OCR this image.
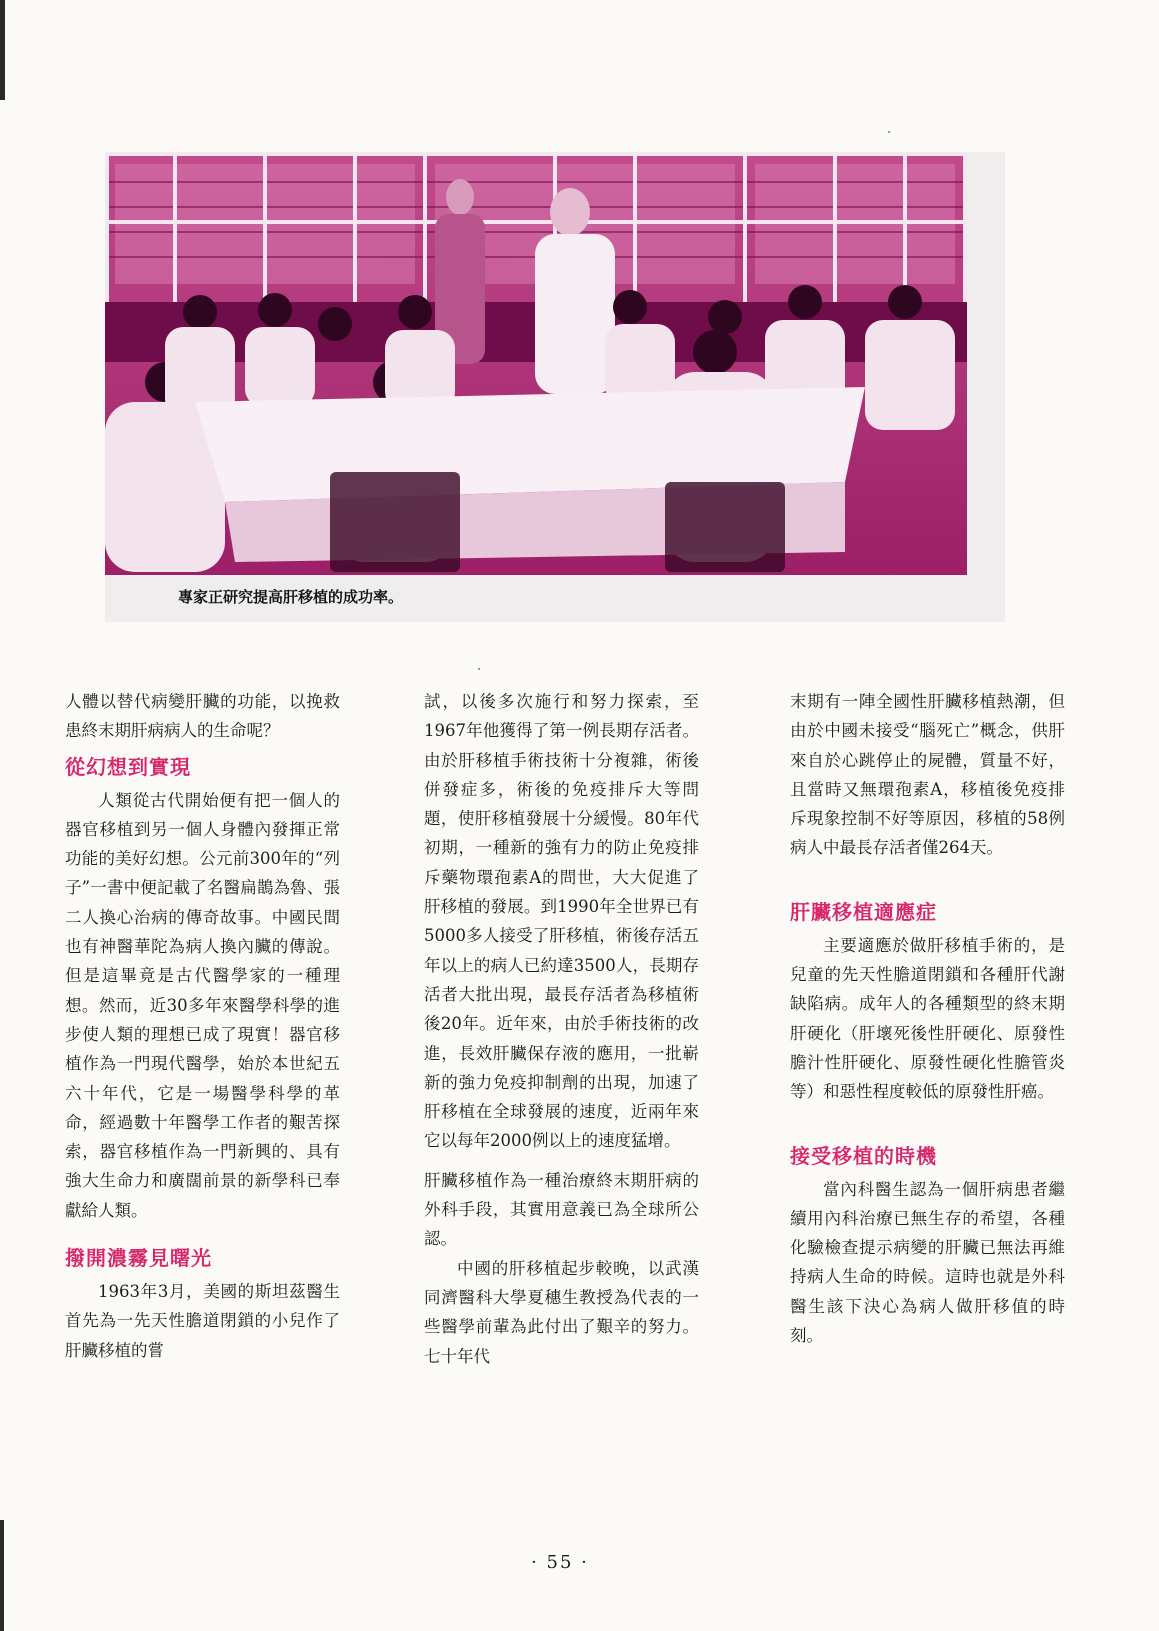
專家正研究提高肝移植的成功率。

人體以替代病變肝臟的功能，以挽救患終末期肝病病人的生命呢？

從幻想到實現

人類從古代開始便有把一個人的器官移植到另一個人身體內發揮正常功能的美好幻想。公元前300年的“列子”一書中便記載了名醫扁鵲為魯、張二人換心治病的傳奇故事。中國民間也有神醫華陀為病人換內臟的傳說。但是這畢竟是古代醫學家的一種理想。然而，近30多年來醫學科學的進步使人類的理想已成了現實！器官移植作為一門現代醫學，始於本世紀五六十年代，它是一場醫學科學的革命，經過數十年醫學工作者的艱苦探索，器官移植作為一門新興的、具有強大生命力和廣闊前景的新學科已奉獻給人類。

撥開濃霧見曙光

1963年3月，美國的斯坦茲醫生首先為一先天性膽道閉鎖的小兒作了肝臟移植的嘗

試，以後多次施行和努力探索，至1967年他獲得了第一例長期存活者。由於肝移植手術技術十分複雜，術後併發症多，術後的免疫排斥大等問題，使肝移植發展十分緩慢。80年代初期，一種新的強有力的防止免疫排斥藥物環孢素A的問世，大大促進了肝移植的發展。到1990年全世界已有5000多人接受了肝移植，術後存活五年以上的病人已約達3500人，長期存活者大批出現，最長存活者為移植術後20年。近年來，由於手術技術的改進，長效肝臟保存液的應用，一批嶄新的強力免疫抑制劑的出現，加速了肝移植在全球發展的速度，近兩年來它以每年2000例以上的速度猛增。

肝臟移植作為一種治療終末期肝病的外科手段，其實用意義已為全球所公認。

中國的肝移植起步較晚，以武漢同濟醫科大學夏穗生教授為代表的一些醫學前輩為此付出了艱辛的努力。七十年代

末期有一陣全國性肝臟移植熱潮，但由於中國未接受“腦死亡”概念，供肝來自於心跳停止的屍體，質量不好，且當時又無環孢素A，移植後免疫排斥現象控制不好等原因，移植的58例病人中最長存活者僅264天。

肝臟移植適應症

主要適應於做肝移植手術的，是兒童的先天性膽道閉鎖和各種肝代謝缺陷病。成年人的各種類型的終末期肝硬化（肝壞死後性肝硬化、原發性膽汁性肝硬化、原發性硬化性膽管炎等）和惡性程度較低的原發性肝癌。

接受移植的時機

當內科醫生認為一個肝病患者繼續用內科治療已無生存的希望，各種化驗檢查提示病變的肝臟已無法再維持病人生命的時候。這時也就是外科醫生該下決心為病人做肝移值的時刻。

· 55 ·
